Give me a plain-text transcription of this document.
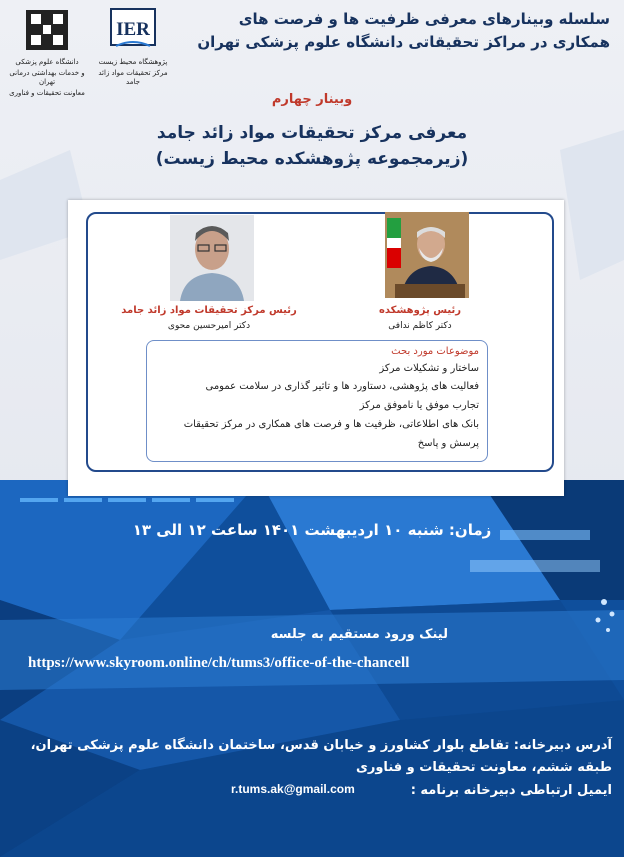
دانشگاه علوم پزشکی
و خدمات بهداشتی درمانی تهران
معاونت تحقیقات و فناوری
IER
پژوهشگاه محیط زیست
مرکز تحقیقات مواد زائد جامد
سلسله وبینارهای معرفی ظرفیت ها و فرصت های
همکاری در مراکز تحقیقاتی دانشگاه علوم پزشکی تهران
وبینار چهارم
معرفی مرکز تحقیقات مواد زائد جامد
(زیرمجموعه پژوهشکده محیط زیست)
رئیس مرکز تحقیقات مواد زائد جامد
دکتر امیرحسین محوی
رئیس پژوهشکده
دکتر کاظم ندافی
موضوعات مورد بحث
ساختار و تشکیلات مرکز
فعالیت های پژوهشی، دستاورد ها و تاثیر گذاری در سلامت عمومی
تجارب موفق یا ناموفق مرکز
بانک های اطلاعاتی، ظرفیت ها و فرصت های همکاری در مرکز تحقیقات
پرسش و پاسخ
زمان: شنبه ۱۰ اردیبهشت ۱۴۰۱ ساعت ۱۲ الی ۱۳
لینک ورود مستقیم به جلسه
https://www.skyroom.online/ch/tums3/office-of-the-chancell
آدرس دبیرخانه: تقاطع بلوار کشاورز و خیابان قدس، ساختمان دانشگاه علوم پزشکی تهران،
طبقه ششم، معاونت تحقیقات و فناوری
ایمیل ارتباطی دبیرخانه برنامه :
r.tums.ak@gmail.com
